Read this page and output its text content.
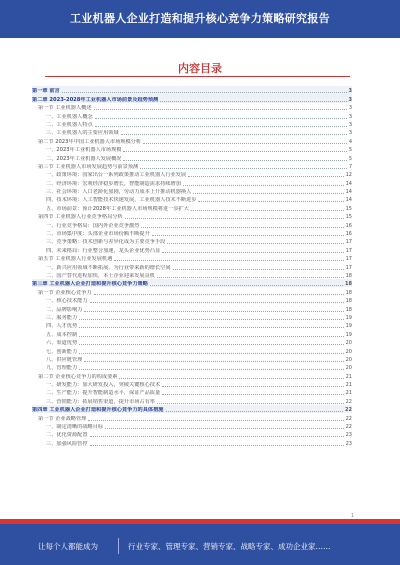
工业机器人企业打造和提升核心竞争力策略研究报告
内容目录
第一章 前言	3
第二章 2023-2028年工业机器人市场前景及趋势预测	3
第一节 工业机器人概述	3
一、工业机器人概念	3
二、工业机器人特点	3
三、工业机器人的主要应用领域	3
第二节 2023年中国工业机器人市场规模分析	4
一、2023年工业机器人市场规模	5
二、2023年工业机器人发展概况	5
第三节 工业机器人市场发展趋势与前景预测	7
一、政策环境：国家出台一系列政策推动工业机器人行业发展	12
二、经济环境：宏观经济稳步增长，智能制造需求持续增加	14
三、社会环境：人口老龄化加剧，劳动力成本上升推动机器换人	14
四、技术环境：人工智能技术快速发展，工业机器人技术不断进步	14
五、市场前景：预计2028年工业机器人市场规模将进一步扩大	15
第四节 工业机器人行业竞争格局分析	15
一、行业竞争格局：国内外企业竞争激烈	16
二、市场集中度：头部企业市场份额不断提升	16
三、竞争策略：技术创新与差异化成为主要竞争手段	17
四、未来格局：行业整合加速，龙头企业优势凸显	17
第五节 工业机器人行业发展机遇	17
一、新兴应用领域不断拓展，为行业带来新的增长空间	17
二、国产替代进程加快，本土企业迎来发展良机	18
第三章 工业机器人企业打造和提升核心竞争力策略	18
第一节 企业核心竞争力	18
一、核心技术能力	18
二、品牌影响力	18
三、服务能力	19
四、人才优势	19
五、成本控制	19
六、渠道优势	20
七、创新能力	20
八、供应链管理	20
九、管理能力	20
第二节 企业核心竞争力的构成要素	21
一、研发能力：加大研发投入，突破关键核心技术	21
二、生产能力：提升智能制造水平，保证产品质量	21
三、营销能力：拓展销售渠道，提升市场占有率	22
第四章 工业机器人企业打造和提升核心竞争力的具体措施	22
第一节 企业战略管理	22
一、制定清晰的战略目标	22
二、优化资源配置	23
三、加强风险管控	23
1
让每个人都能成为	行业专家、管理专家、营销专家、战略专家、成功企业家……
